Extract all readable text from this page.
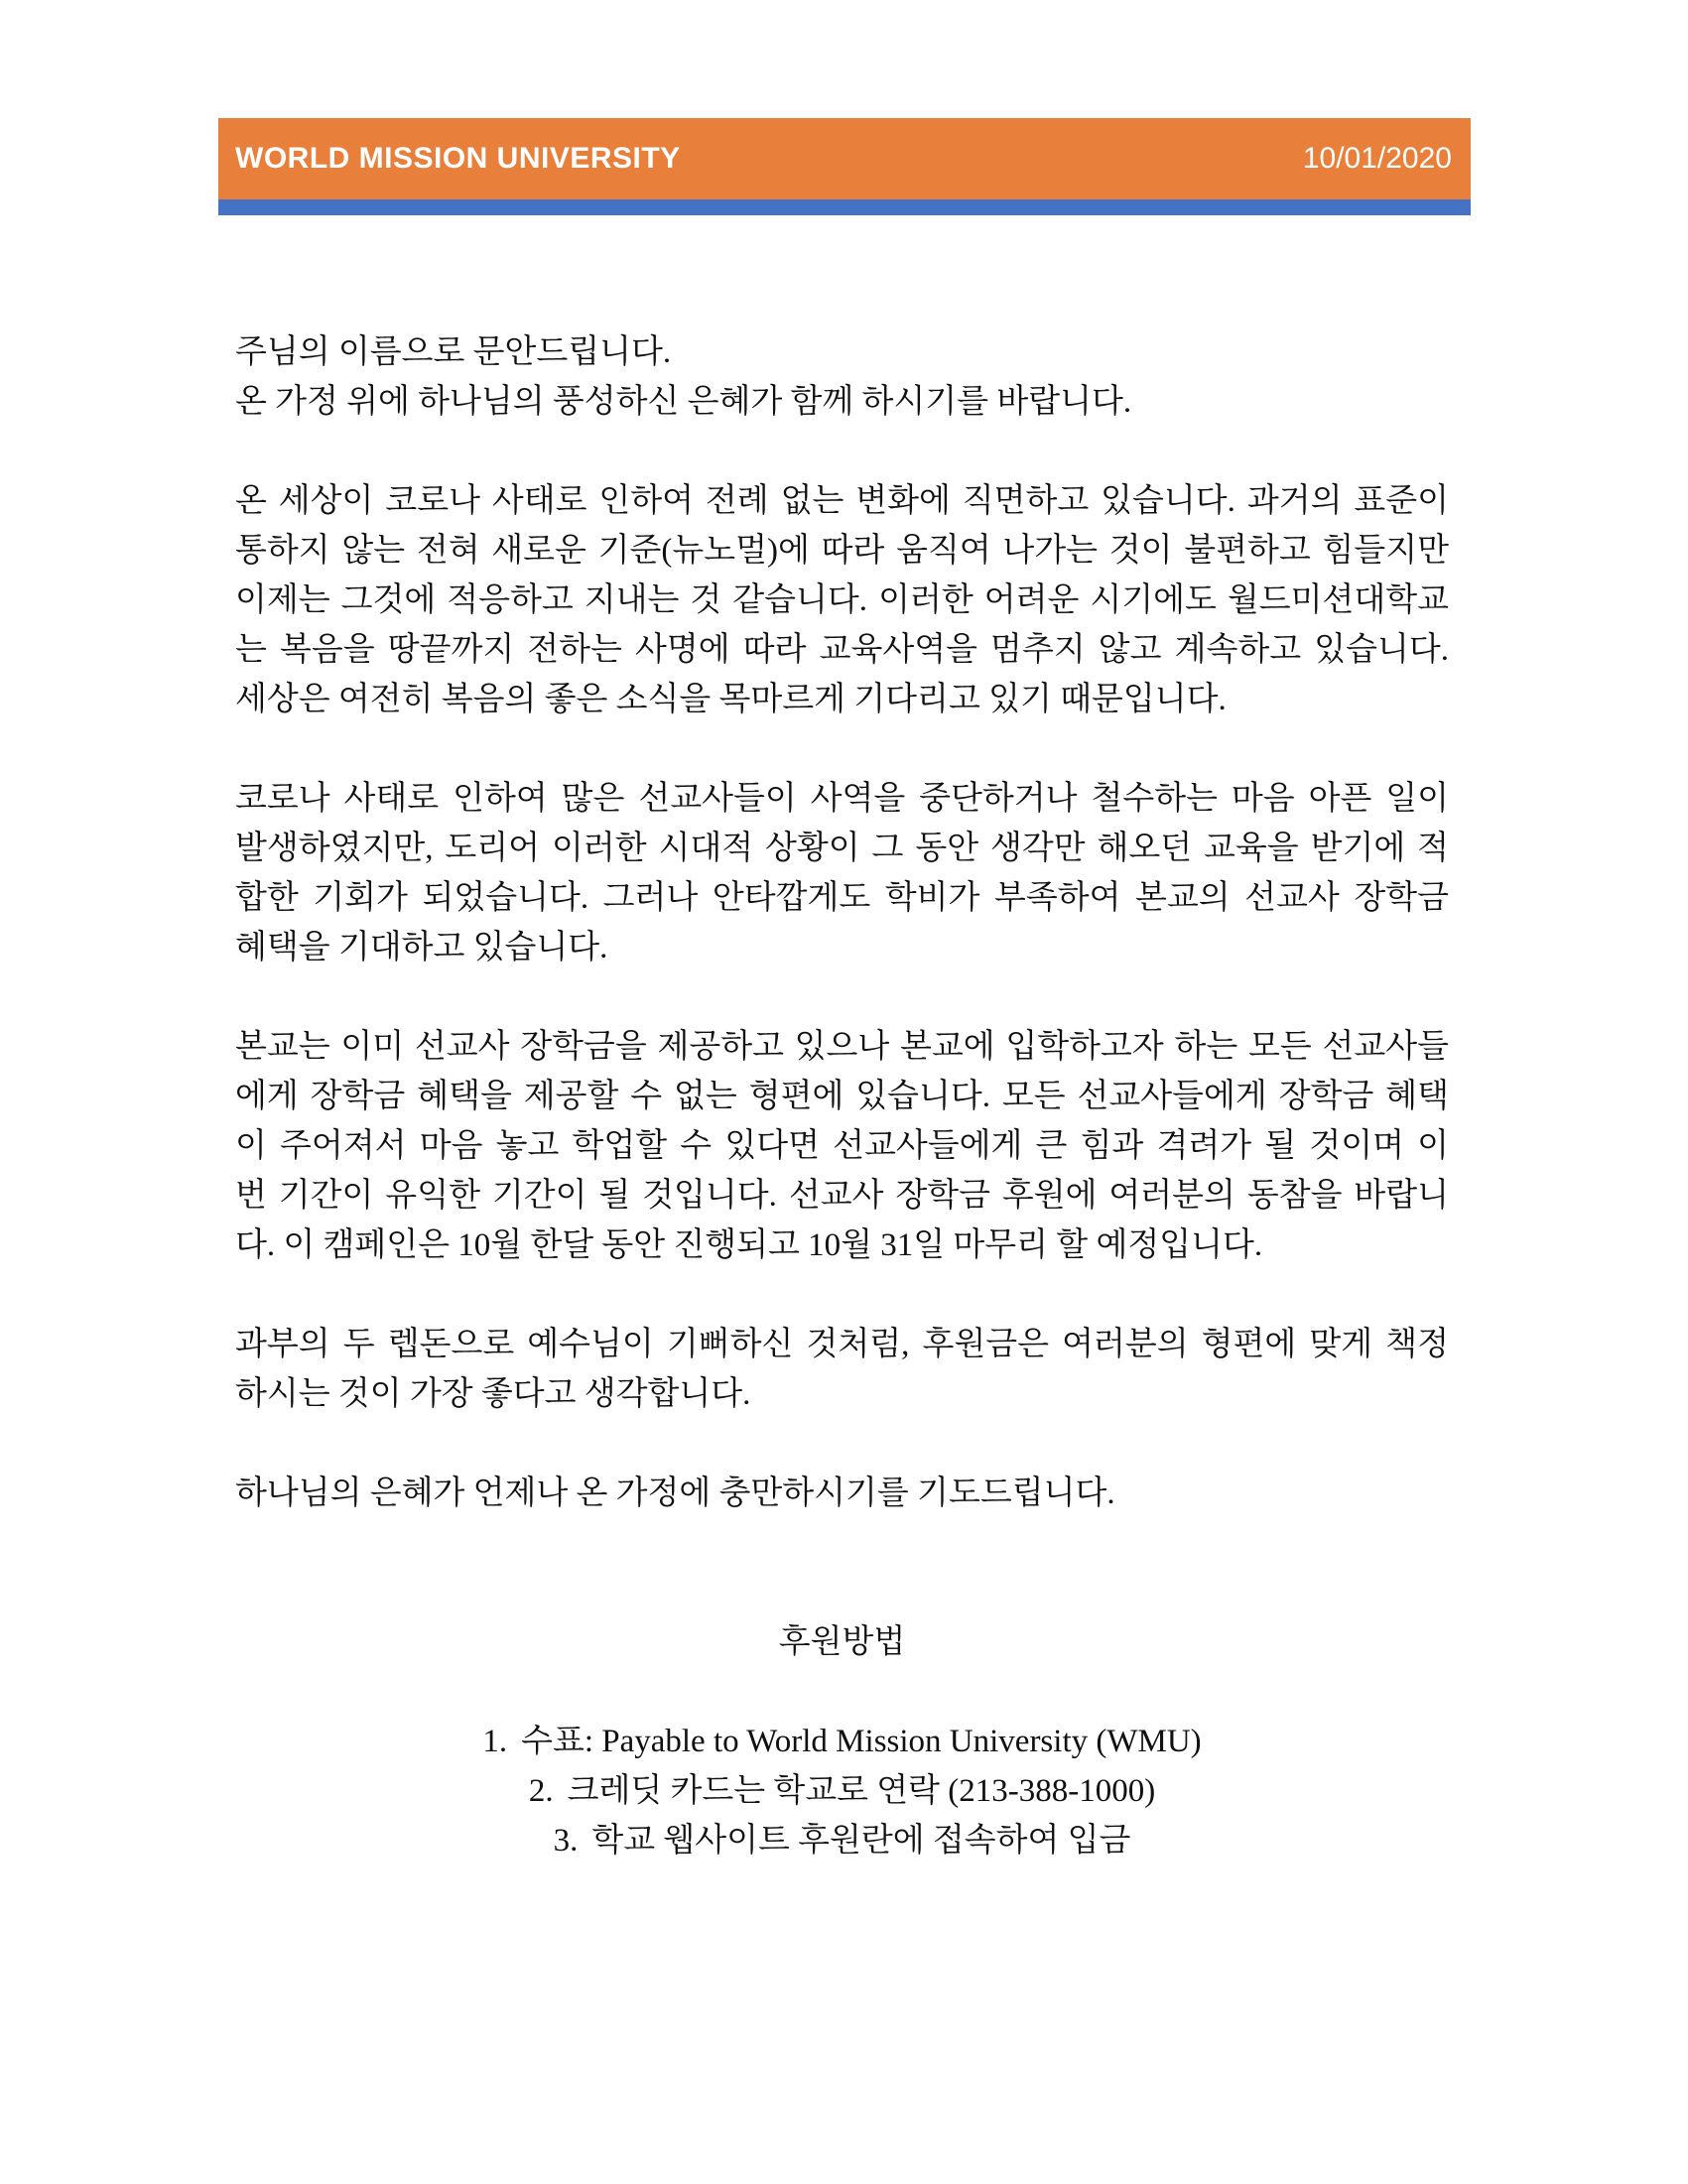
WORLD MISSION UNIVERSITY	10/01/2020
주님의 이름으로 문안드립니다.
온 가정 위에 하나님의 풍성하신 은혜가 함께 하시기를 바랍니다.
온 세상이 코로나 사태로 인하여 전례 없는 변화에 직면하고 있습니다. 과거의 표준이
통하지 않는 전혀 새로운 기준(뉴노멀)에 따라 움직여 나가는 것이 불편하고 힘들지만
이제는 그것에 적응하고 지내는 것 같습니다. 이러한 어려운 시기에도 월드미션대학교
는 복음을 땅끝까지 전하는 사명에 따라 교육사역을 멈추지 않고 계속하고 있습니다.
세상은 여전히 복음의 좋은 소식을 목마르게 기다리고 있기 때문입니다.
코로나 사태로 인하여 많은 선교사들이 사역을 중단하거나 철수하는 마음 아픈 일이
발생하였지만, 도리어 이러한 시대적 상황이 그 동안 생각만 해오던 교육을 받기에 적
합한 기회가 되었습니다. 그러나 안타깝게도 학비가 부족하여 본교의 선교사 장학금
혜택을 기대하고 있습니다.
본교는 이미 선교사 장학금을 제공하고 있으나 본교에 입학하고자 하는 모든 선교사들
에게 장학금 혜택을 제공할 수 없는 형편에 있습니다. 모든 선교사들에게 장학금 혜택
이 주어져서 마음 놓고 학업할 수 있다면 선교사들에게 큰 힘과 격려가 될 것이며 이
번 기간이 유익한 기간이 될 것입니다. 선교사 장학금 후원에 여러분의 동참을 바랍니
다. 이 캠페인은 10월 한달 동안 진행되고 10월 31일 마무리 할 예정입니다.
과부의 두 렙돈으로 예수님이 기뻐하신 것처럼, 후원금은 여러분의 형편에 맞게 책정
하시는 것이 가장 좋다고 생각합니다.
하나님의 은혜가 언제나 온 가정에 충만하시기를 기도드립니다.
후원방법
1. 수표: Payable to World Mission University (WMU)
2. 크레딧 카드는 학교로 연락 (213-388-1000)
3. 학교 웹사이트 후원란에 접속하여 입금
